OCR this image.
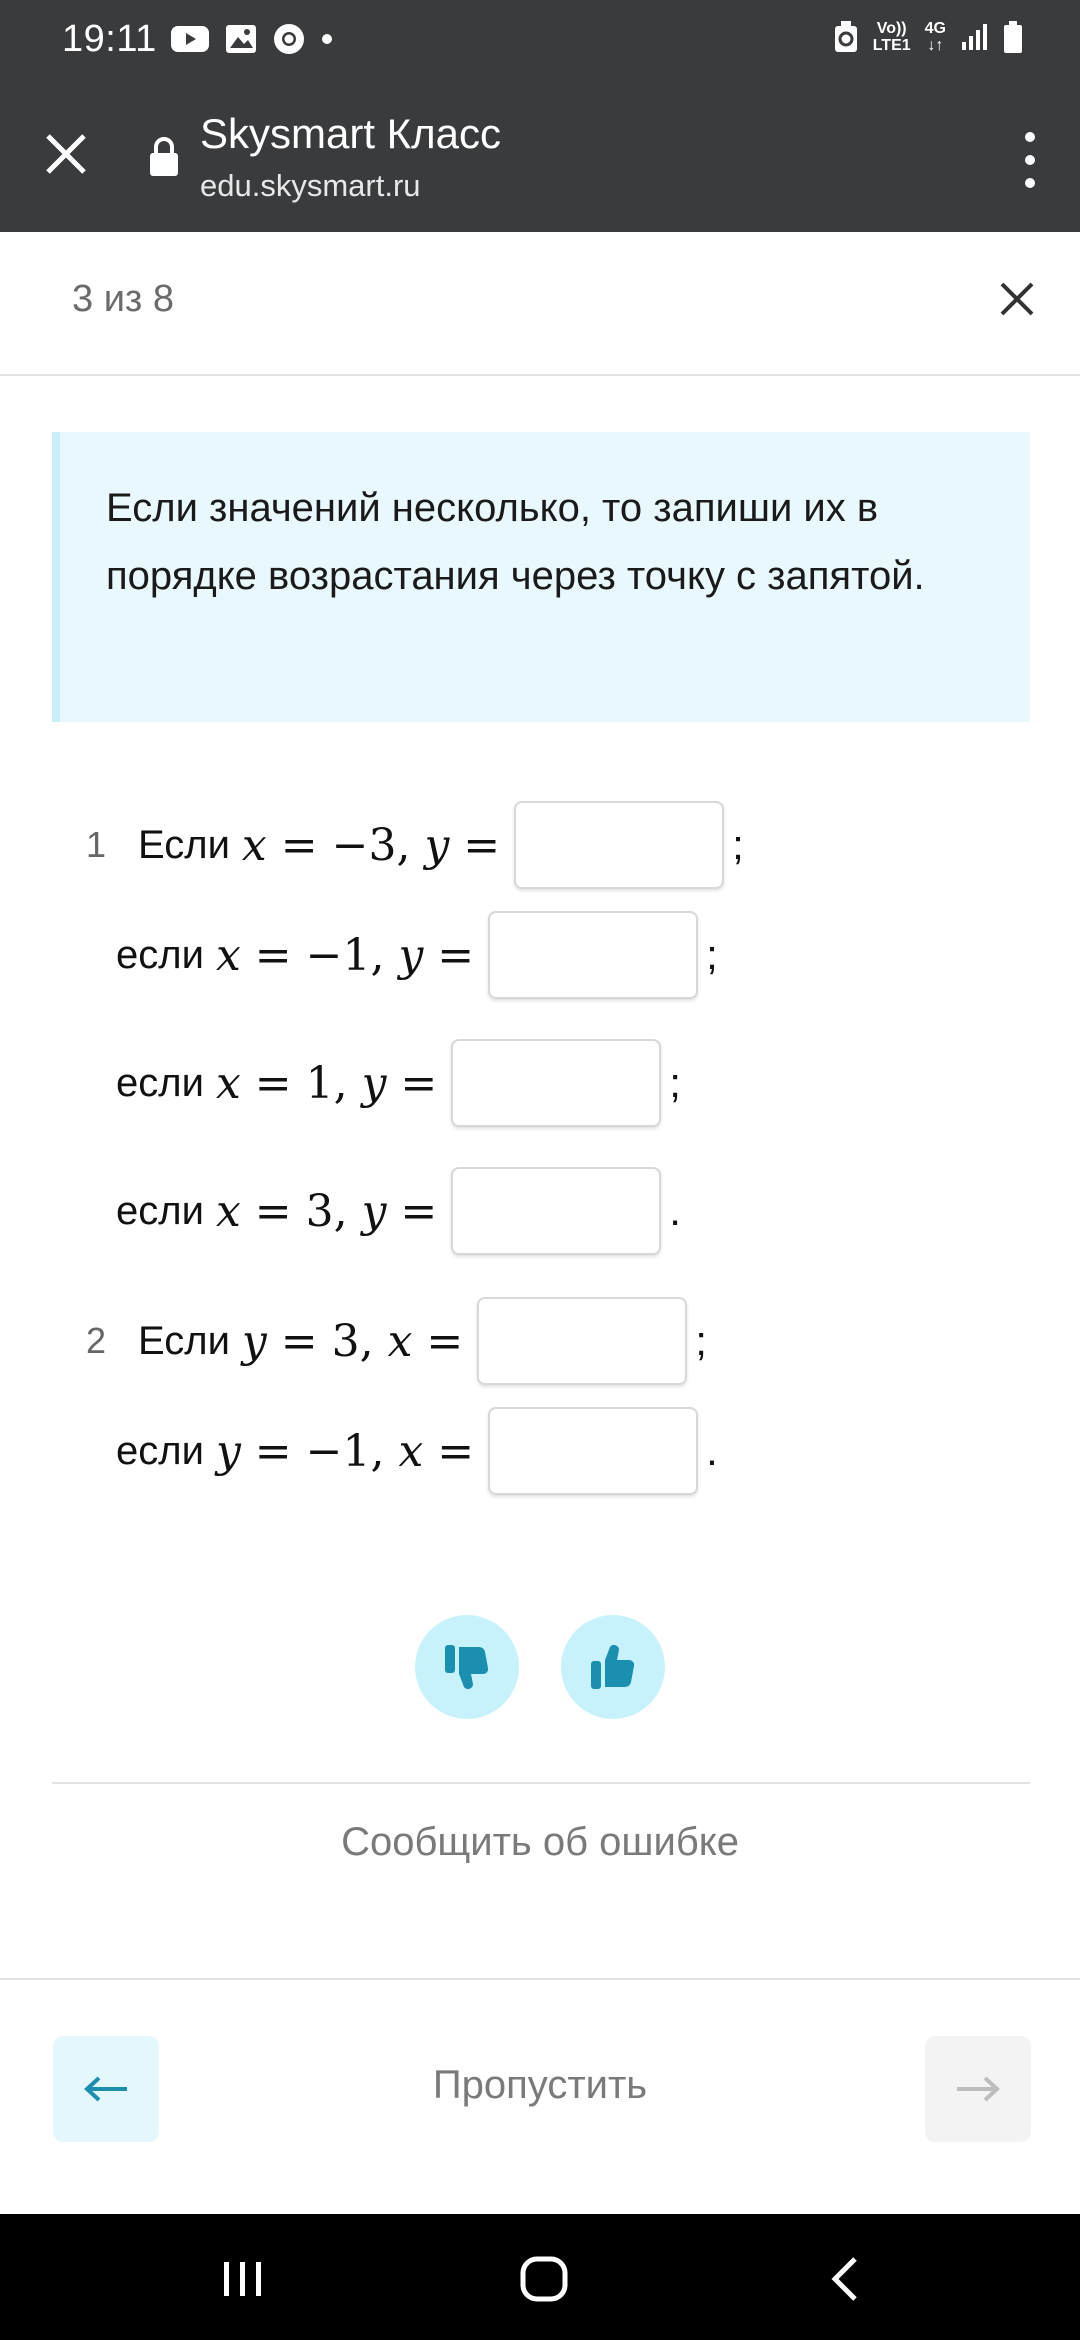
19:11	Vo))
LTE1
4G
↓↑
Skysmart Класс
edu.skysmart.ru
3 из 8
Если значений несколько, то запиши их в порядке возрастания через точку с запятой.
1 Если x = −3, y =	;
если x = −1, y =	;
если x = 1, y =	;
если x = 3, y =	.
2 Если y = 3, x =	;
если y = −1, x =	.
Сообщить об ошибке
Пропустить
